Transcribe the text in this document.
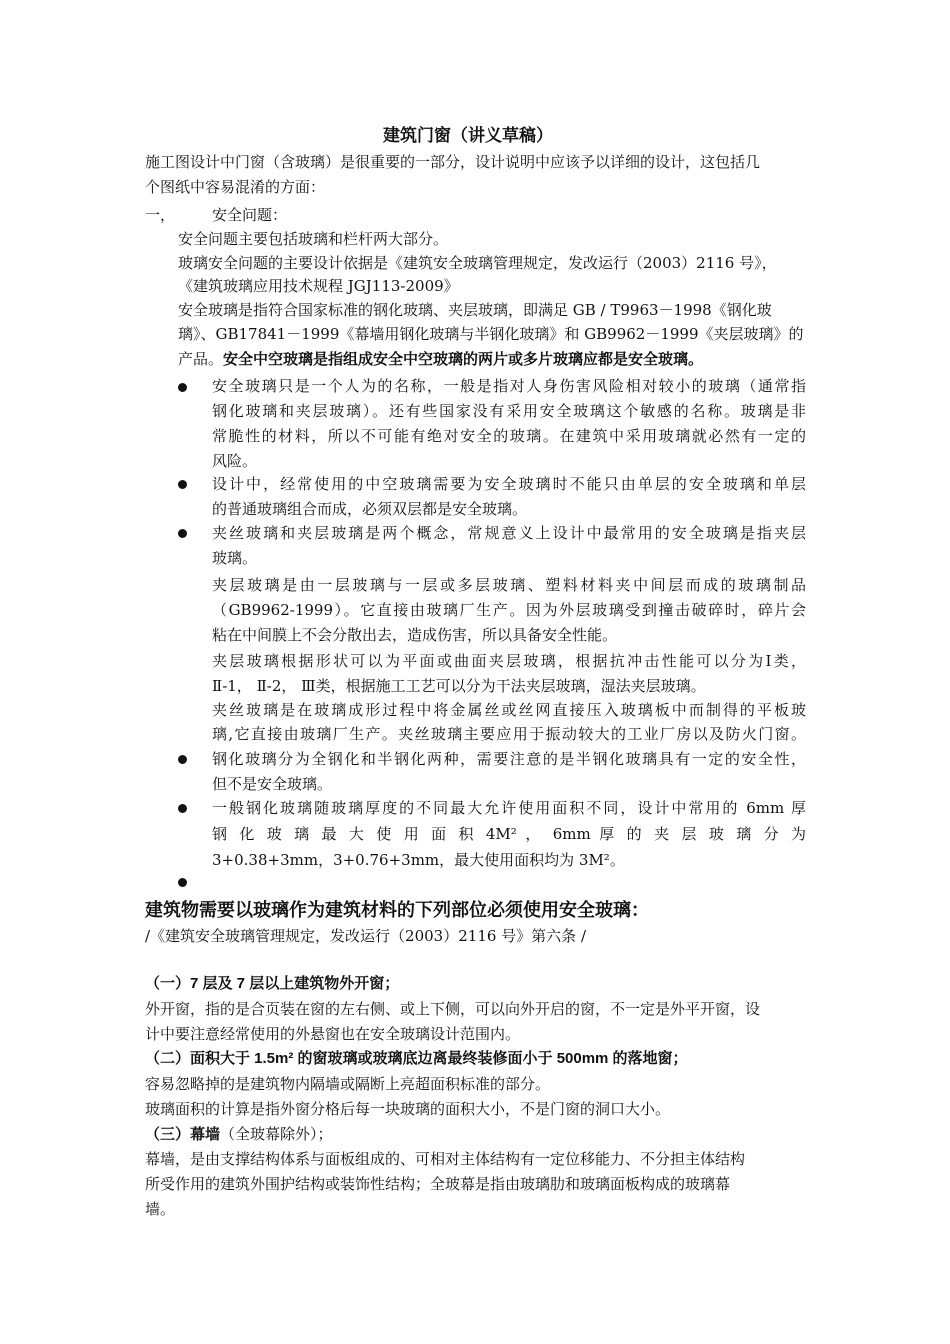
建筑门窗（讲义草稿）
施工图设计中门窗（含玻璃）是很重要的一部分，设计说明中应该予以详细的设计，这包括几
个图纸中容易混淆的方面：
一， 安全问题：
安全问题主要包括玻璃和栏杆两大部分。
玻璃安全问题的主要设计依据是《建筑安全玻璃管理规定，发改运行（2003）2116 号》，
《建筑玻璃应用技术规程 JGJ113-2009》
安全玻璃是指符合国家标准的钢化玻璃、夹层玻璃，即满足 GB / T9963－1998《钢化玻
璃》、GB17841－1999《幕墙用钢化玻璃与半钢化玻璃》和 GB9962－1999《夹层玻璃》的
产品。安全中空玻璃是指组成安全中空玻璃的两片或多片玻璃应都是安全玻璃。
安全玻璃只是一个人为的名称，一般是指对人身伤害风险相对较小的玻璃（通常指
钢化玻璃和夹层玻璃）。还有些国家没有采用安全玻璃这个敏感的名称。玻璃是非
常脆性的材料，所以不可能有绝对安全的玻璃。在建筑中采用玻璃就必然有一定的
风险。
设计中，经常使用的中空玻璃需要为安全玻璃时不能只由单层的安全玻璃和单层
的普通玻璃组合而成，必须双层都是安全玻璃。
夹丝玻璃和夹层玻璃是两个概念，常规意义上设计中最常用的安全玻璃是指夹层
玻璃。
夹层玻璃是由一层玻璃与一层或多层玻璃、塑料材料夹中间层而成的玻璃制品
（GB9962-1999）。它直接由玻璃厂生产。因为外层玻璃受到撞击破碎时，碎片会
粘在中间膜上不会分散出去，造成伤害，所以具备安全性能。
夹层玻璃根据形状可以为平面或曲面夹层玻璃，根据抗冲击性能可以分为Ⅰ类，
Ⅱ-1， Ⅱ-2， Ⅲ类，根据施工工艺可以分为干法夹层玻璃，湿法夹层玻璃。
夹丝玻璃是在玻璃成形过程中将金属丝或丝网直接压入玻璃板中而制得的平板玻
璃,它直接由玻璃厂生产。夹丝玻璃主要应用于振动较大的工业厂房以及防火门窗。
钢化玻璃分为全钢化和半钢化两种，需要注意的是半钢化玻璃具有一定的安全性，
但不是安全玻璃。
一般钢化玻璃随玻璃厚度的不同最大允许使用面积不同，设计中常用的 6mm 厚
钢 化 玻 璃 最 大 使 用 面 积 4M² ， 6mm 厚 的 夹 层 玻 璃 分 为
3+0.38+3mm，3+0.76+3mm，最大使用面积均为 3M²。
建筑物需要以玻璃作为建筑材料的下列部位必须使用安全玻璃：
/《建筑安全玻璃管理规定，发改运行（2003）2116 号》第六条 /
（一）7 层及 7 层以上建筑物外开窗；
外开窗，指的是合页装在窗的左右侧、或上下侧，可以向外开启的窗，不一定是外平开窗，设
计中要注意经常使用的外悬窗也在安全玻璃设计范围内。
（二）面积大于 1.5m² 的窗玻璃或玻璃底边离最终装修面小于 500mm 的落地窗；
容易忽略掉的是建筑物内隔墙或隔断上亮超面积标准的部分。
玻璃面积的计算是指外窗分格后每一块玻璃的面积大小，不是门窗的洞口大小。
（三）幕墙（全玻幕除外）；
幕墙，是由支撑结构体系与面板组成的、可相对主体结构有一定位移能力、不分担主体结构
所受作用的建筑外围护结构或装饰性结构；全玻幕是指由玻璃肋和玻璃面板构成的玻璃幕
墙。
